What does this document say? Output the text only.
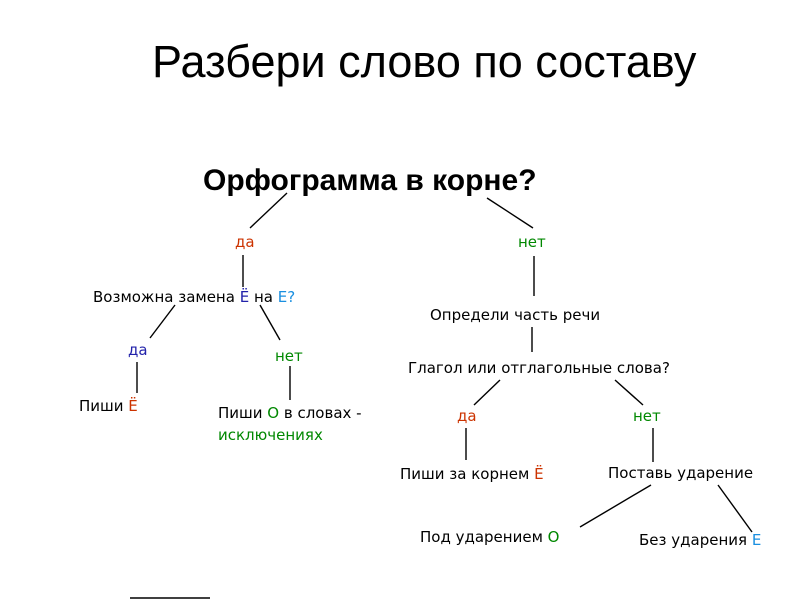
Разбери слово по составу
Орфограмма в корне?
да
Возможна замена Ё на Е?
да	нет
Пиши Ё	Пиши О в словах -
исключениях
нет
Определи часть речи
Глагол или отглагольные слова?
да	нет
Пиши за корнем Ё	Поставь ударение
Под ударением О	Без ударения Е
